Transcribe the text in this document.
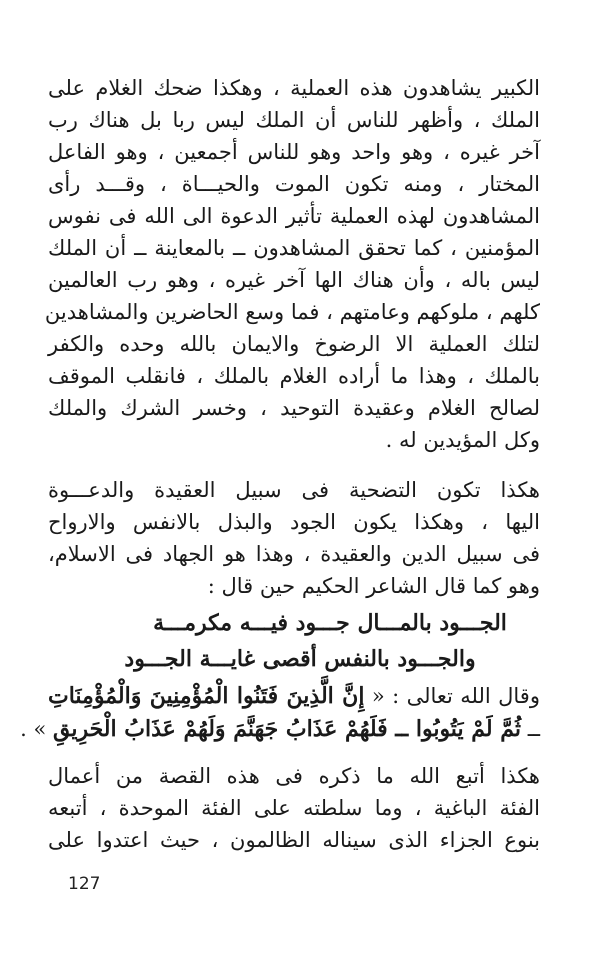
الكبير يشاهدون هذه العملية ، وهكذا ضحك الغلام على
الملك ، وأظهر للناس أن الملك ليس ربا بل هناك رب
آخر غيره ، وهو واحد وهو للناس أجمعين ، وهو الفاعل
المختار ، ومنه تكون الموت والحيـــاة ، وقـــد رأى
المشاهدون لهذه العملية تأثير الدعوة الى الله فى نفوس
المؤمنين ، كما تحقق المشاهدون ــ بالمعاينة ــ أن الملك
ليس باله ، وأن هناك الها آخر غيره ، وهو رب العالمين
كلهم ، ملوكهم وعامتهم ، فما وسع الحاضرين والمشاهدين
لتلك العملية الا الرضوخ والايمان بالله وحده والكفر
بالملك ، وهذا ما أراده الغلام بالملك ، فانقلب الموقف
لصالح الغلام وعقيدة التوحيد ، وخسر الشرك والملك
وكل المؤيدين له .
هكذا تكون التضحية فى سبيل العقيدة والدعـــوة
اليها ، وهكذا يكون الجود والبذل بالانفس والارواح
فى سبيل الدين والعقيدة ، وهذا هو الجهاد فى الاسلام،
وهو كما قال الشاعر الحكيم حين قال :
الجـــود بالمـــال جـــود فيـــه مكرمـــة
والجـــود بالنفس أقصى غايـــة الجـــود
وقال الله تعالى : « إِنَّ الَّذِينَ فَتَنُوا الْمُؤْمِنِينَ وَالْمُؤْمِنَاتِ
ــ ثُمَّ لَمْ يَتُوبُوا ــ فَلَهُمْ عَذَابُ جَهَنَّمَ وَلَهُمْ عَذَابُ الْحَرِيقِ » .
هكذا أتبع الله ما ذكره فى هذه القصة من أعمال
الفئة الباغية ، وما سلطته على الفئة الموحدة ، أتبعه
بنوع الجزاء الذى سيناله الظالمون ، حيث اعتدوا على
127
